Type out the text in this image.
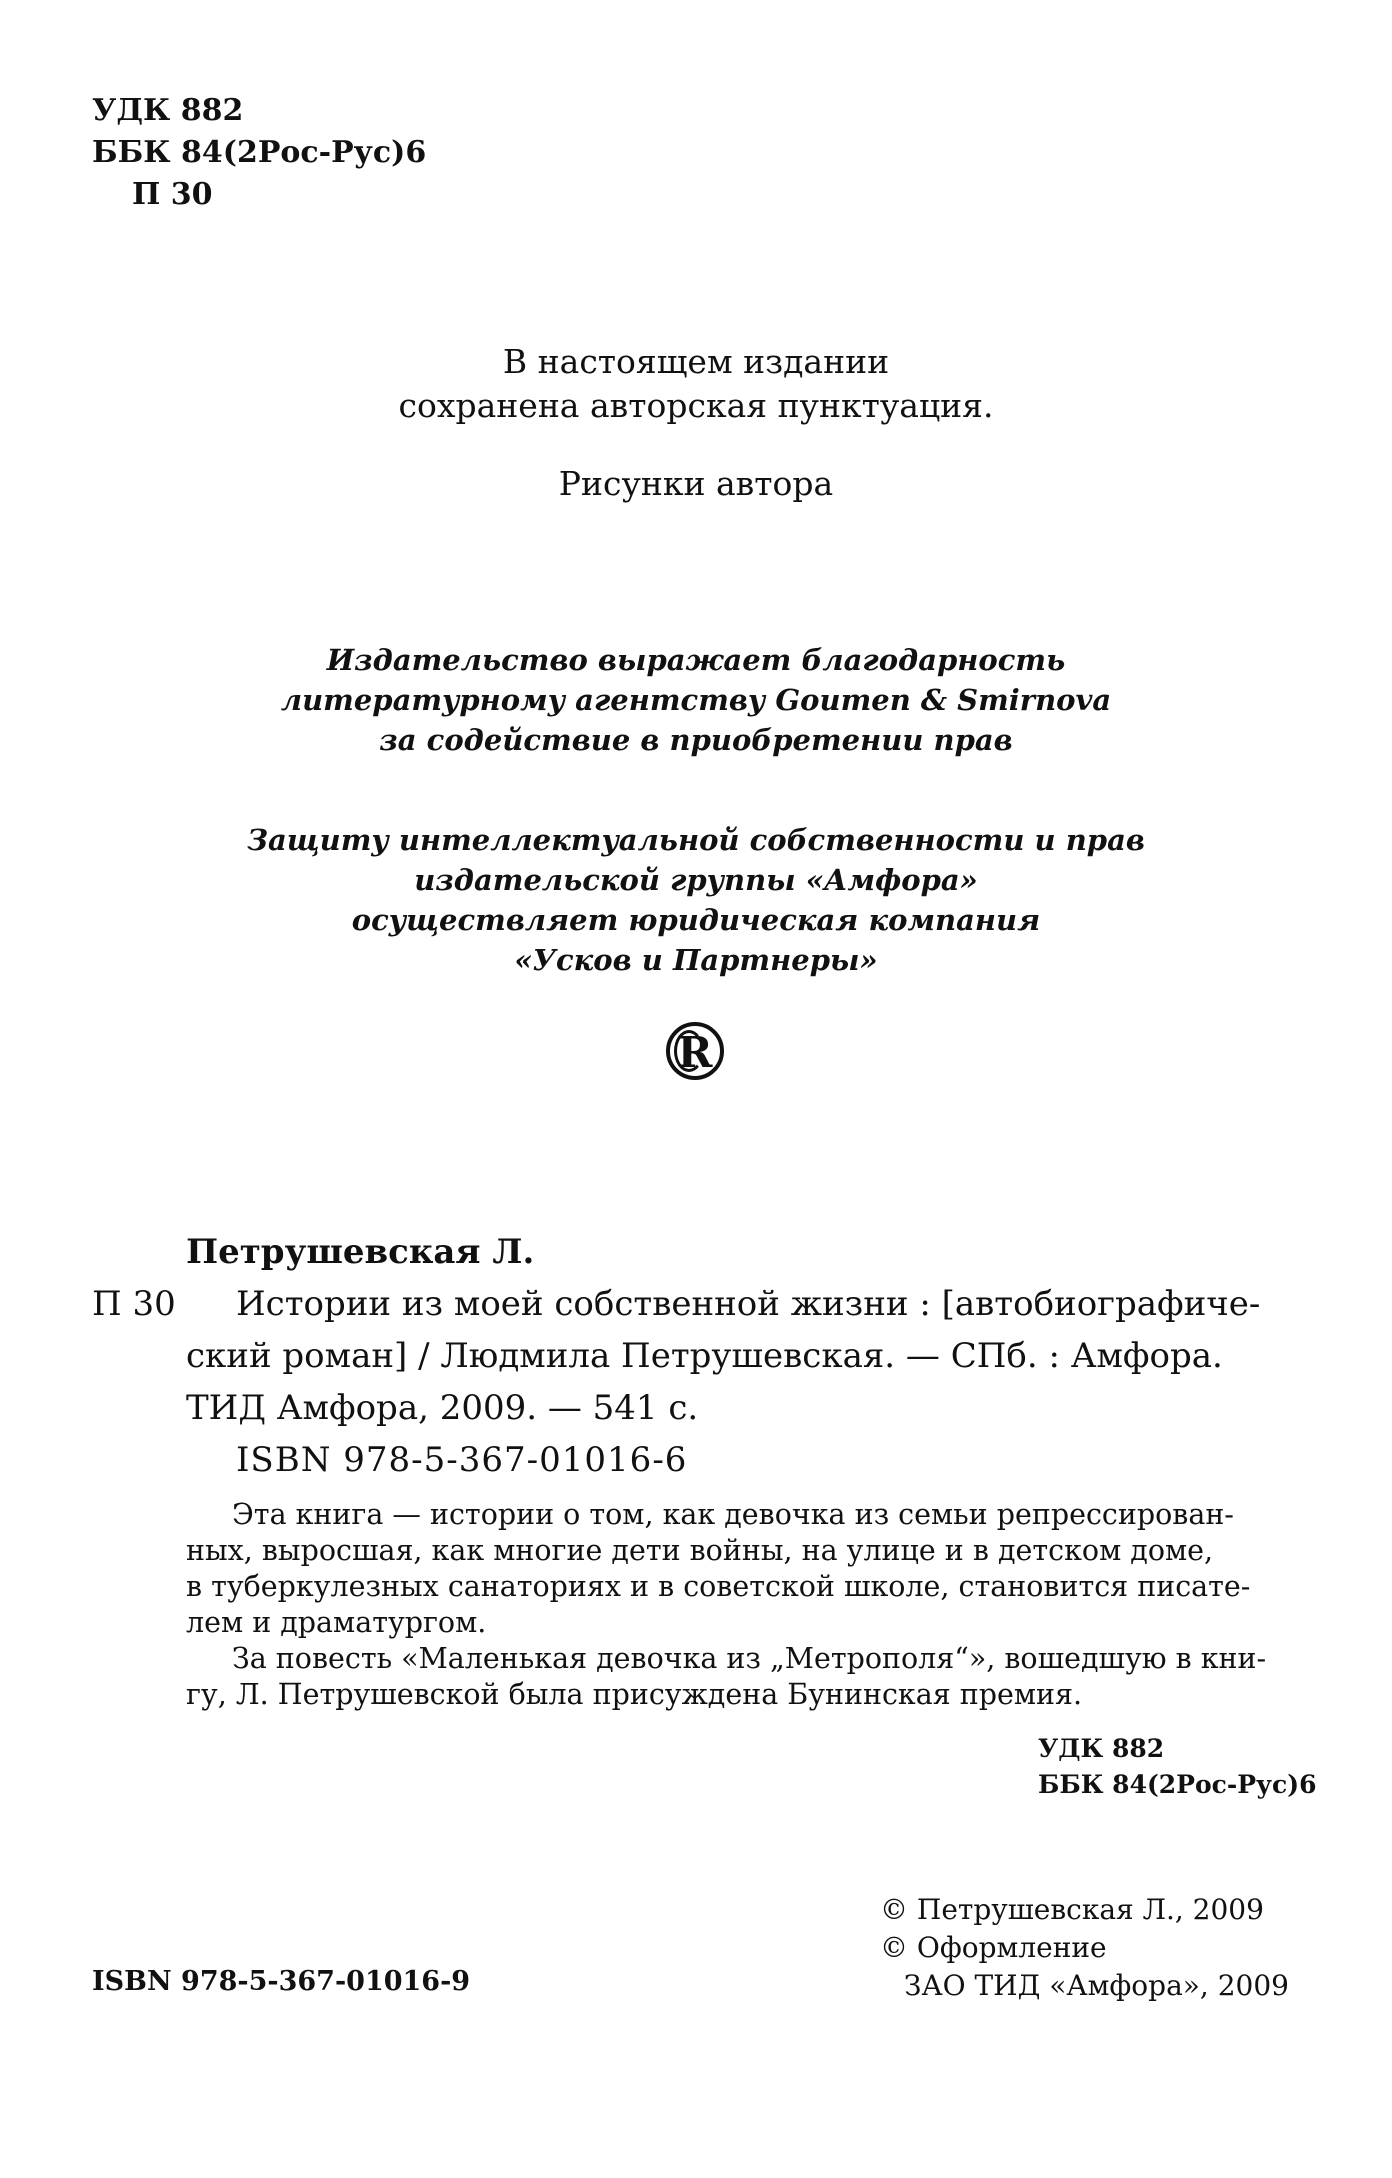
УДК 882
ББК 84(2Рос-Рус)6
П 30
В настоящем издании
сохранена авторская пунктуация.
Рисунки автора
Издательство выражает благодарность
литературному агентству Goumen & Smirnova
за содействие в приобретении прав
Защиту интеллектуальной собственности и прав
издательской группы «Амфора»
осуществляет юридическая компания
«Усков и Партнеры»
R
Петрушевская Л.
П 30 Истории из моей собственной жизни : [автобиографиче-
ский роман] / Людмила Петрушевская. — СПб. : Амфора.
ТИД Амфора, 2009. — 541 с.
ISBN 978-5-367-01016-6
Эта книга — истории о том, как девочка из семьи репрессирован-
ных, выросшая, как многие дети войны, на улице и в детском доме,
в туберкулезных санаториях и в советской школе, становится писате-
лем и драматургом.
За повесть «Маленькая девочка из „Метрополя“», вошедшую в кни-
гу, Л. Петрушевской была присуждена Бунинская премия.
УДК 882
ББК 84(2Рос-Рус)6
© Петрушевская Л., 2009
© Оформление
ЗАО ТИД «Амфора», 2009
ISBN 978-5-367-01016-9
